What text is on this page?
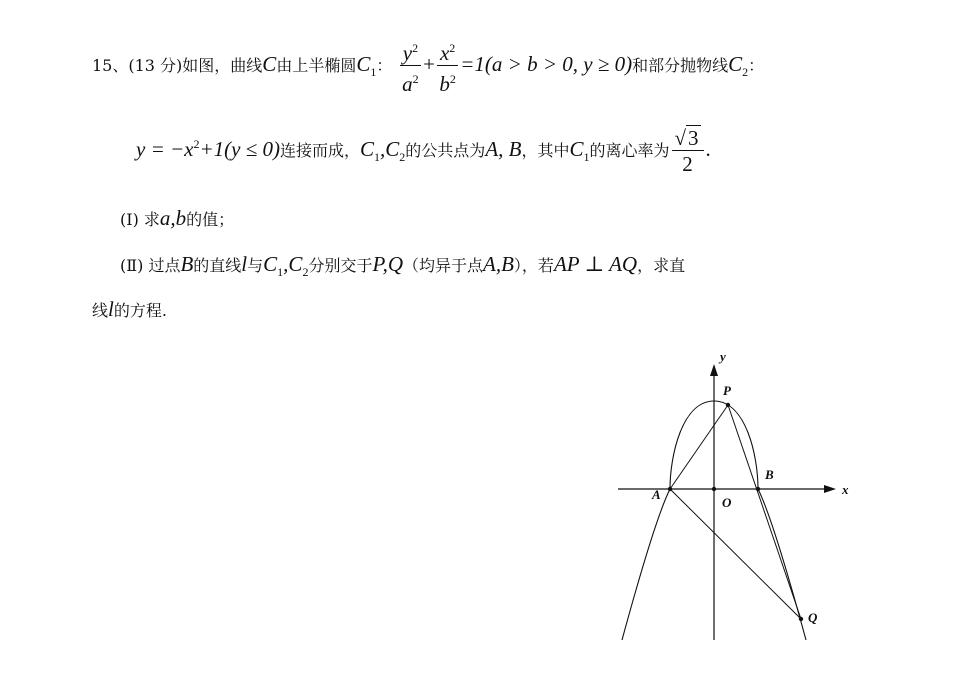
15、(13 分)如图，曲线C由上半椭圆$C_1$： $\frac{y^2}{a^2} + \frac{x^2}{b^2} =1(a > b > 0$, y ≥ 0)和部分抛物线$C_2$：
$y = -x^2+1(y \le 0)$连接而成，$C_1,C_2$的公共点为A, B，其中$C_1$的离心率为 $\frac{√3}{2}$ .
(I) 求a,b的值；
(Ⅱ) 过点B的直线l与$C_1,C_2$分别交于P,Q（均异于点A,B），若AP ⊥ AQ，求直
线l的方程.
y
x
P
B
A
O
Q
